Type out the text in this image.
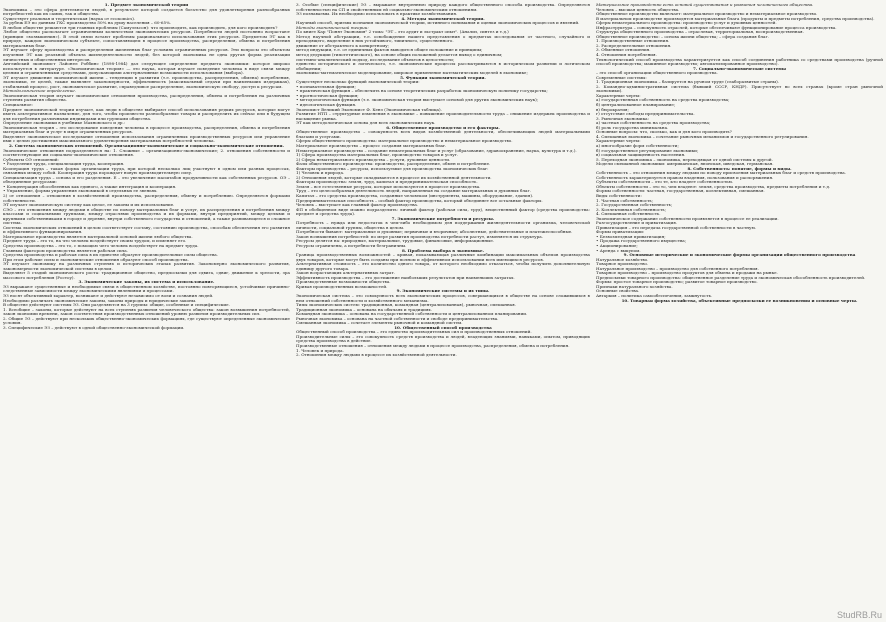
1. Предмет экономической теории

Экономика – это сфера деятельности людей, в результате которой создается богатство для удовлетворения разнообразных потребностей как их самих, так и общества.

Существует реальная и теоретическая (наука от economics).

За рубеж ЕЭ по данным ГКС производство 50% на душу населения – 60-65%.

В любом обществе решаются три главных проблемы (Самуэльсон): что производить, как производить, для кого производить?

Любое общество располагает ограниченным количеством экономических ресурсов. Потребности людей постоянно возрастают (принцип «возвышения»). В этой связи встают проблемы рационального использования этих ресурсов. Предметом ЭТ как в природе, каждом экономическом субъекте, сопоставляющем в процессе производства, распределения, обмена и потребления материальных благ.

ЭТ изучает сферу производства и распределения жизненных благ условиях ограниченных ресурсов. Эти вопросы это объектом изучения ЭТ как реальной объекта жизнедеятельности людей, без которой экономика не одна другая форма реализации личностных и общественных интересов.

Английский экономист Лайонел Роббинс (1898-1984) дал следующее определение предмета экономики: которое широко используется в литературе. «Экономическая теория» — это наука, которая изучает поведение человека в виде связи между целями и ограниченными средствами, допускающими альтернативные возможности использования (выбора).

ЭТ изучает движение экономической жизни – тенденции в развитии (т.е. производства, распределения, обмена) потребления, экономики, ее целей, также выявляет закономерности, эффективность (максимальный отдачи при наименьших издержках), стабильный процесс, рост, экономическое развитие, справедливое распределение, экономическую свободу, доступ к ресурсам.

Методологическое определение.

Экономическая теория изучает экономические отношения производства, распределения, обмена и потребления на различных ступенях развития общества.

Специальное:

Предмет экономической теории изучает, как люди в обществе выбирают способ использования редких ресурсов, которые могут иметь альтернативное назначение, для того, чтобы произвести разнообразные товары и распределить их сейчас или в будущем для потребления различными индивидами или группами общества.

Определение экономики в учебнике Махновского и др.:

Экономическая теория – это исследование поведения человека в процессе производства, распределения, обмена и потребления материальных благ и услуг в мире ограниченных ресурсов.

Выделяют экономическое исследование отношения использования ограниченных производственных ресурсов или управление ими с целью достижения максимального удовлетворения материальных потребностей человека.

2. Система экономических отношений. Организационно-экономические и социально-экономические отношения.

Экономические отношения подразделяются на: 1. Сложные – организационно-экономические; 2. отношения собственности и соответствующие им социально-экономические отношения.

Субъекты ОЭ отношений:

• Разделение труда, специализация труда, кооперация.

Кооперация труда – такая форма организации труда, при которой несколько лиц участвуют в одном или разных процессах, связанных между собой. Кооперация труда порождает новую производительную силу.

Специализация труда – основа и его разделения. Е – это увеличение масштабов продуктивности как собственных ресурсов. ОЭ – объединение ресурсами:

• Концентрация обособленных как единого, а также интеграция и кооперация.

• Управление, формы управления экономикой в отдельных ее звеньях.

2) от отношения – отношения в хозяйственной производства, распределения, обмену и потреблению. Определяются формами собственности.

ЭТ изучает экономическую систему как целое, ее законы и их использование.

СЭО – это отношения между людьми в обществе по поводу материальных благ и услуг, их распределения и потребления между классами и социальными группами, между отраслями производства и их формами, внутри предприятий, между целыми и крупными собственниками в городе и деревне, внутри собственного государства и отношений, а также развивающееся и сложное система.

Система экономических отношений в целом соответствует составу, состоянию производства, способам обеспечения его развития и эффективного функционирования.

Материальное производство является материальной основой жизни любого общества.

Предмет труда – это то, на что человек воздействует своим трудом, и изменяет его.

Средства производства – это то, с помощью чего человек воздействует на предмет труда.

Главным фактором производства является рабочая сила.

Средства производства и рабочая сила в их единстве образуют производительные силы общества.

При этом рабочие силы и экономические отношения образуют способ производства.

ЭТ изучает экономику на различных ступенях и исторических этапах развития. Закономерно экономического развития, закономерности экономической системы в целом.

Выделяют 5 стадий экономического роста: традиционное общество, предпосылки для сдвига, сдвиг, движение к зрелости, эра массового потребления (Ростоу).

3. Экономические законы, их система и использование.

ЭЗ выражают существенные и необходимые связи в общественном хозяйстве, постоянно повторяющиеся, устойчивые причинно-следственные зависимости между экономическими явлениями и процессами.

ЭЗ носят объективный характер, возникают и действуют независимо от воли и сознания людей.

Необходимо различать экономические законы, законы природы и юридические законы.

В обществе действуют системы ЭЗ. Они разделяются на 3 группы: общие, особенные и специфические.

1. Всеобщие – законы, которые действуют на всех ступенях развития человеческого общества: закон возвышения потребностей, закон экономии времени, закон соответствия производственных отношений уровню развития производительных сил.

2. Общие ЭЗ – действуют при нескольких общественно-экономических формациях, где существуют определенные экономические условия.

3. Специфические ЭЗ – действуют в одной общественно-экономической формации.

3. Особые (специфические) ЭЗ – выражают внутреннюю природу каждого общественного способа производства. Определяются собственностью на СП и свойственным ей социально-экономическим отношениям.

ЭЗ познаваемы. Их необходимо использовать в практике хозяйствования.

4. Методы экономической теории.

Научный способ, приемы познания экономической теории, истинного понимания и оценки экономических процессов и явлений.

Методы экономической теории:

По книге Кар "Понят Экономия" 2 тома: "ЭТ – это аудит и экстракт опыт". (Анализ, синтез и т.д.)

Метод научной абстракции, т.е. освобождение нашего представления о предметах исследования от частного, случайного и преходящего, выделение в них устойчивого, типичного, существенного.

движение от абстрактного к конкретному;

метод индукции, т.е. от единичных фактов выводится общее положение и принципы;

метод дедукции (гипотетического), на основе общих положений делается вывод о единичном;

системно-аналитический подход, исследование объектов в целостности;

единство исторического и логического, т.е. экономические процессы рассматриваются в историческом развитии и логическом обобщении;

экономико-математическое моделирование, широкое применение математических моделей в экономике;

5. Функции экономической теории.

Существуют несколько функций экономической теории:

• познавательная функция;

• практическая функция – обеспечить на основе теоретических разработок экономическую политику государства;

• прогностическая функция;

• методологическая функция (т.е. экономическая теория выступает основой для других экономических наук);

• идеологическая функция.

Экономист Великий Экономист Ф. Кенэ (Экономическая таблица).

Развитие НТП – структурные изменения в экономике – повышение производительности труда – снижение издержек производства и насыщение рынка.

ЭТ как методологическая основа для всех экономических наук.

6. Общественное производство и его факторы.

Общественное производство – совокупность всех видов хозяйственной деятельности, обеспечивающих людей материальными благами и услугами.

Сферы общественного производства: материальное производство и нематериальное производство.

Материальное производство – процесс создания материальных благ.

Нематериальное производство – создание нематериальных благ и услуг (образование, здравоохранение, наука, культура и т.д.).

1) Сфера производства материальных благ, производство товаров и услуг.

2) Сфера нематериального производства – услуги, духовные ценности.

Фазы общественного производства: производство, распределение, обмен и потребление.

Факторы производства – ресурсы, используемые для производства экономических благ:

1) Человек и природа.

2) Отношения людей, которые складываются в процессе их хозяйственной деятельности.

Факторы производства: земля, труд, капитал и предпринимательская способность.

Земля – все естественные ресурсы, которые используются в процессе производства.

Труд – это целесообразная деятельность людей, направленная на создание материальных и духовных благ.

Капитал – это средства производства, созданные человеком (инструменты, машины, оборудование, здания).

Предпринимательская способность – особый фактор производства, который объединяет все остальные факторы.

Человек – выступает как главный фактор производства.

ФП в обобщенном виде можно подразделить: личный фактор (рабочая сила, труд), вещественный фактор (средства производства: предмет и средства труда).

7. Экономические потребности и ресурсы.

Потребность – нужда или недостаток в чем-либо необходимом для поддержания жизнедеятельности организма, человеческой личности, социальной группы, общества в целом.

Потребности бывают: материальные и духовные; первичные и вторичные; абсолютные, действительные и платежеспособные.

Закон возвышения потребностей: по мере развития производства потребности растут, изменяется их структура.

Ресурсы делятся на: природные, материальные, трудовые, финансовые, информационные.

Ресурсы ограничены, а потребности безграничны.

8. Проблема выбора в экономике.

Граница производственных возможностей – кривая, показывающая различные комбинации максимальных объемов производства двух товаров, которые могут быть созданы при полном и эффективном использовании всех имеющихся ресурсов.

Альтернативная стоимость – это количество одного товара, от которого необходимо отказаться, чтобы получить дополнительную единицу другого товара.

Закон возрастающих альтернативных затрат.

Эффективность производства – это достижение наибольших результатов при наименьших затратах.

Производственные возможности общества.

Кривая производственных возможностей.

9. Экономические системы и их типы.

Экономическая система – это совокупность всех экономических процессов, совершающихся в обществе на основе сложившихся в нем отношений собственности и хозяйственного механизма.

Типы экономических систем: традиционная, командная (централизованная), рыночная, смешанная.

Традиционная экономика – основана на обычаях и традициях.

Командная экономика – основана на государственной собственности и централизованном планировании.

Рыночная экономика – основана на частной собственности и свободе предпринимательства.

Смешанная экономика – сочетает элементы рыночной и командной систем.

10. Общественный способ производства

Общественный способ производства – это единство производительных сил и производственных отношений.

Производительные силы – это совокупность средств производства и людей, владеющих знаниями, навыками, опытом, приводящих средства производства в действие.

Производственные отношения – отношения между людьми в процессе производства, распределения, обмена и потребления.

1. Человек и природа.

2. Отношения между людьми в процессе их хозяйственной деятельности.

Материальное производство есть основой существования и развития человеческого общества.

Человек – высшая ценность общества.

Общественное производство включает: материальное производство и нематериальное производство.

В материальном производстве производятся материальные блага (продукты и предметы потребления, средства производства).

Сферы нематериального производства: производство услуг и духовных ценностей.

Инфраструктура – совокупность отраслей, которые обеспечивают функционирование процесса производства.

Структура общественного производства – отраслевая, территориальная, воспроизводственная.

Общественное производство: – основа жизни общества; – сфера создания благ.

1. Производственные отношения.

2. Распределительные отношения.

3. Обменные отношения.

4. Отношения потребления.

Технологический способ производства характеризуется как способ соединения работника со средствами производства (ручной способ производства; машинное производство; автоматизированное производство).

7. Социально-экономические системы

– это способ организации общественного производства.

Современные системы:

1. Традиционная экономика – базируется на ручном труде (слаборазвитые страны).

2. Командно-административная система (бывший СССР, КНДР). Присутствует во всех странах (кроме стран рыночной экономики).

Характерные черты:

а) государственная собственность на средства производства;

б) централизованное планирование;

в) бюрократия;

г) отсутствие свободы предпринимательства.

3. Рыночная экономика:

а) частная собственность на средства производства;

б) роль государства минимальна.

Основные вопросы: что, сколько, как и для кого производить?

4. Смешанная экономика – сочетание рыночных механизмов и государственного регулирования.

Характерные черты:

а) многообразие форм собственности;

б) государственное регулирование экономики;

в) социальная защищенность населения.

5. Переходная экономика – экономика, переходящая от одной системы к другой.

Модели смешанной экономики: американская, японская, шведская, германская.

8. Собственность: понятие, формы и виды.

Собственность – это отношения между людьми по поводу присвоения материальных благ и средств производства.

Собственность характеризуется правом владения, пользования и распоряжения.

Субъекты собственности – это те, кто владеет собственностью.

Объекты собственности – это то, чем владеют: земля, средства производства, предметы потребления и т.д.

Формы собственности: частная, государственная, коллективная, смешанная.

Виды собственности:

1. Частная собственность;

2. Государственная собственность;

3. Коллективная собственность;

4. Смешанная собственность.

Экономическое содержание собственности проявляется в процессе ее реализации.

Разгосударствление и приватизация.

Приватизация – это передача государственной собственности в частную.

Формы приватизации:

• Безвозмездная приватизация;

• Продажа государственного имущества;

• Акционирование;

• Аренда с выкупом.

9. Основные исторические и экономические формы организации общественного производства

Натуральное хозяйство.

Товарное производство.

Натуральное производство – производство для собственного потребления.

Товарное производство – производство продуктов для обмена и продажи на рынке.

Предпосылки товарного производства: общественное разделение труда и экономическая обособленность производителей.

Формы: простое товарное производство; развитое товарное производство.

Признаки натурального хозяйства.

Основные свойства.

Автаркия – политика самообеспечения, замкнутость.

10. Товарная форма хозяйства, объективные предпосылки ее возникновения и основные черты.

StudRB.Ru
